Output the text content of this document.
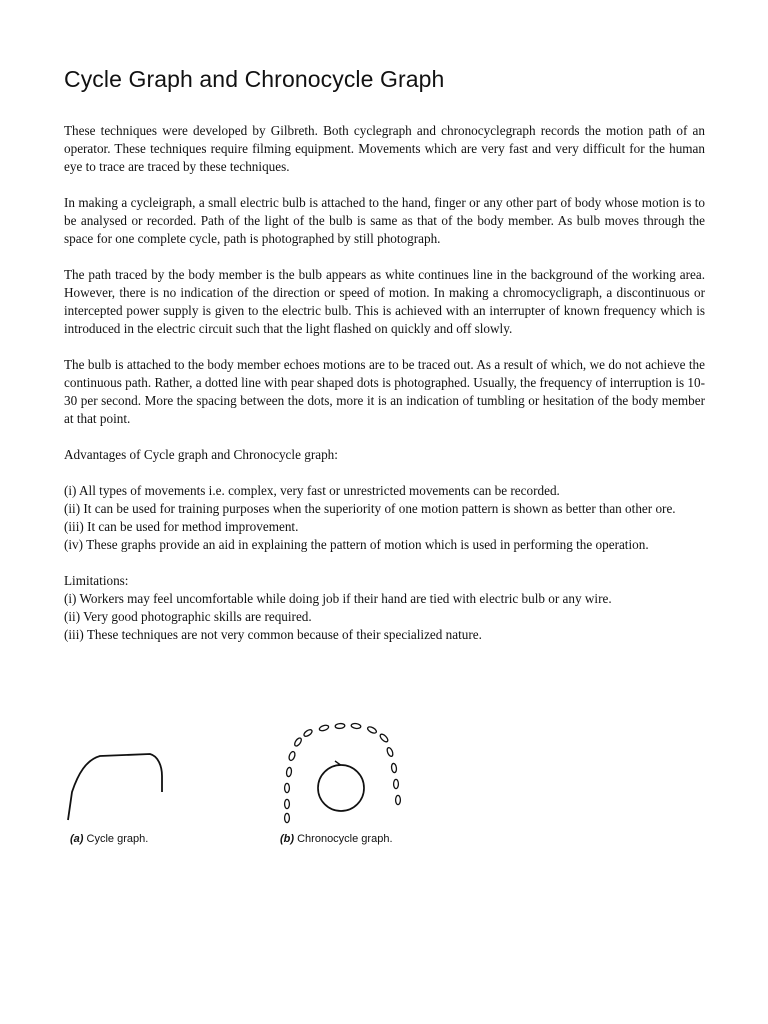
Cycle Graph and Chronocycle Graph

These techniques were developed by Gilbreth. Both cyclegraph and chronocyclegraph records the motion path of an operator. These techniques require filming equipment. Movements which are very fast and very difficult for the human eye to trace are traced by these techniques.

In making a cycleigraph, a small electric bulb is attached to the hand, finger or any other part of body whose motion is to be analysed or recorded. Path of the light of the bulb is same as that of the body member. As bulb moves through the space for one complete cycle, path is photographed by still photograph.

The path traced by the body member is the bulb appears as white continues line in the background of the working area. However, there is no indication of the direction or speed of motion. In making a chromocycligraph, a discontinuous or intercepted power supply is given to the electric bulb. This is achieved with an interrupter of known frequency which is introduced in the electric circuit such that the light flashed on quickly and off slowly.

The bulb is attached to the body member echoes motions are to be traced out. As a result of which, we do not achieve the continuous path. Rather, a dotted line with pear shaped dots is photographed. Usually, the frequency of interruption is 10-30 per second. More the spacing between the dots, more it is an indication of tumbling or hesitation of the body member at that point.

Advantages of Cycle graph and Chronocycle graph:

(i) All types of movements i.e. complex, very fast or unrestricted movements can be recorded.
(ii) It can be used for training purposes when the superiority of one motion pattern is shown as better than other ore.
(iii) It can be used for method improvement.
(iv) These graphs provide an aid in explaining the pattern of motion which is used in performing the operation.
Limitations:
(i) Workers may feel uncomfortable while doing job if their hand are tied with electric bulb or any wire.
(ii) Very good photographic skills are required.
(iii) These techniques are not very common because of their specialized nature.
(a) Cycle graph.	(b) Chronocycle graph.
